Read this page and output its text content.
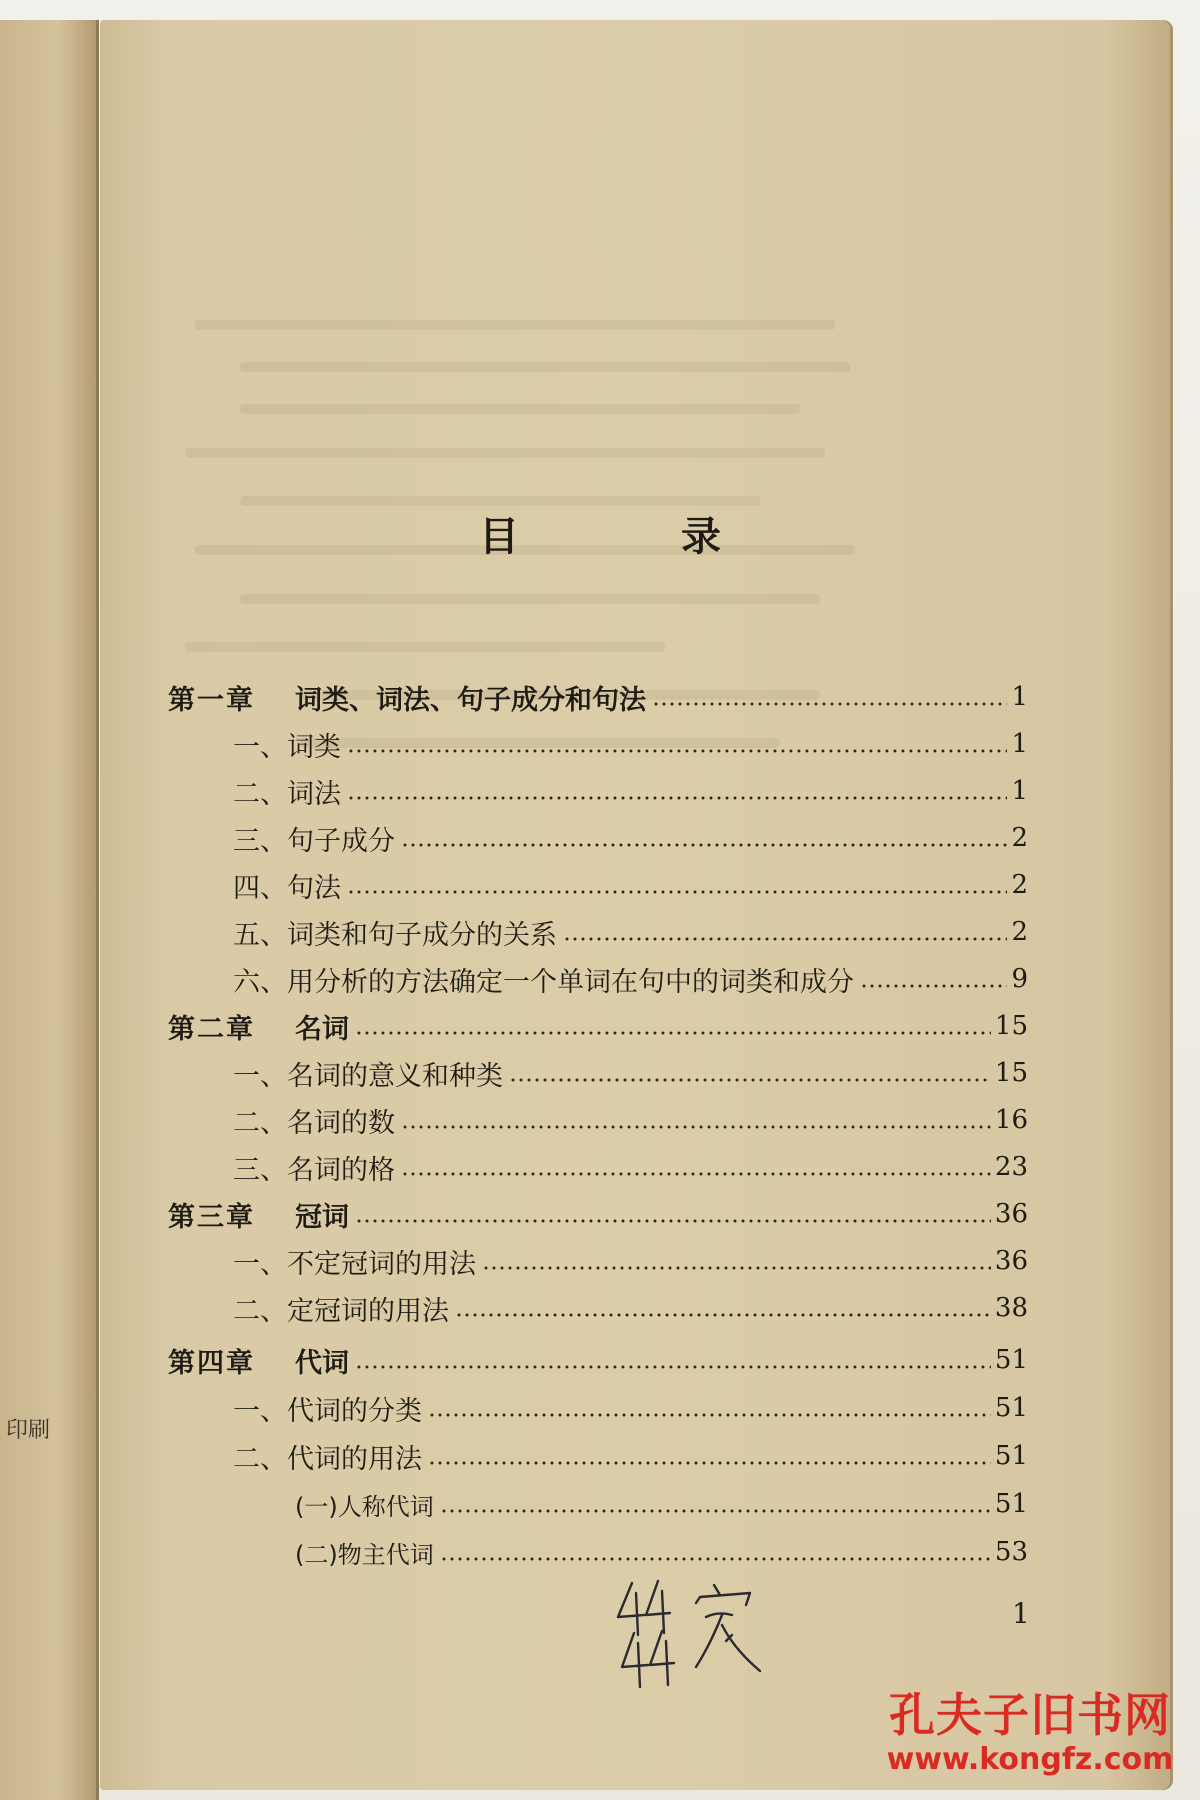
印刷
目 录
第一章	词类、词法、句子成分和句法	1
一、词类	1
二、词法	1
三、句子成分	2
四、句法	2
五、词类和句子成分的关系	2
六、用分析的方法确定一个单词在句中的词类和成分	9
第二章	名词	15
一、名词的意义和种类	15
二、名词的数	16
三、名词的格	23
第三章	冠词	36
一、不定冠词的用法	36
二、定冠词的用法	38
第四章	代词	51
一、代词的分类	51
二、代词的用法	51
(一)人称代词	51
(二)物主代词	53
1
孔夫子旧书网
www.kongfz.com
